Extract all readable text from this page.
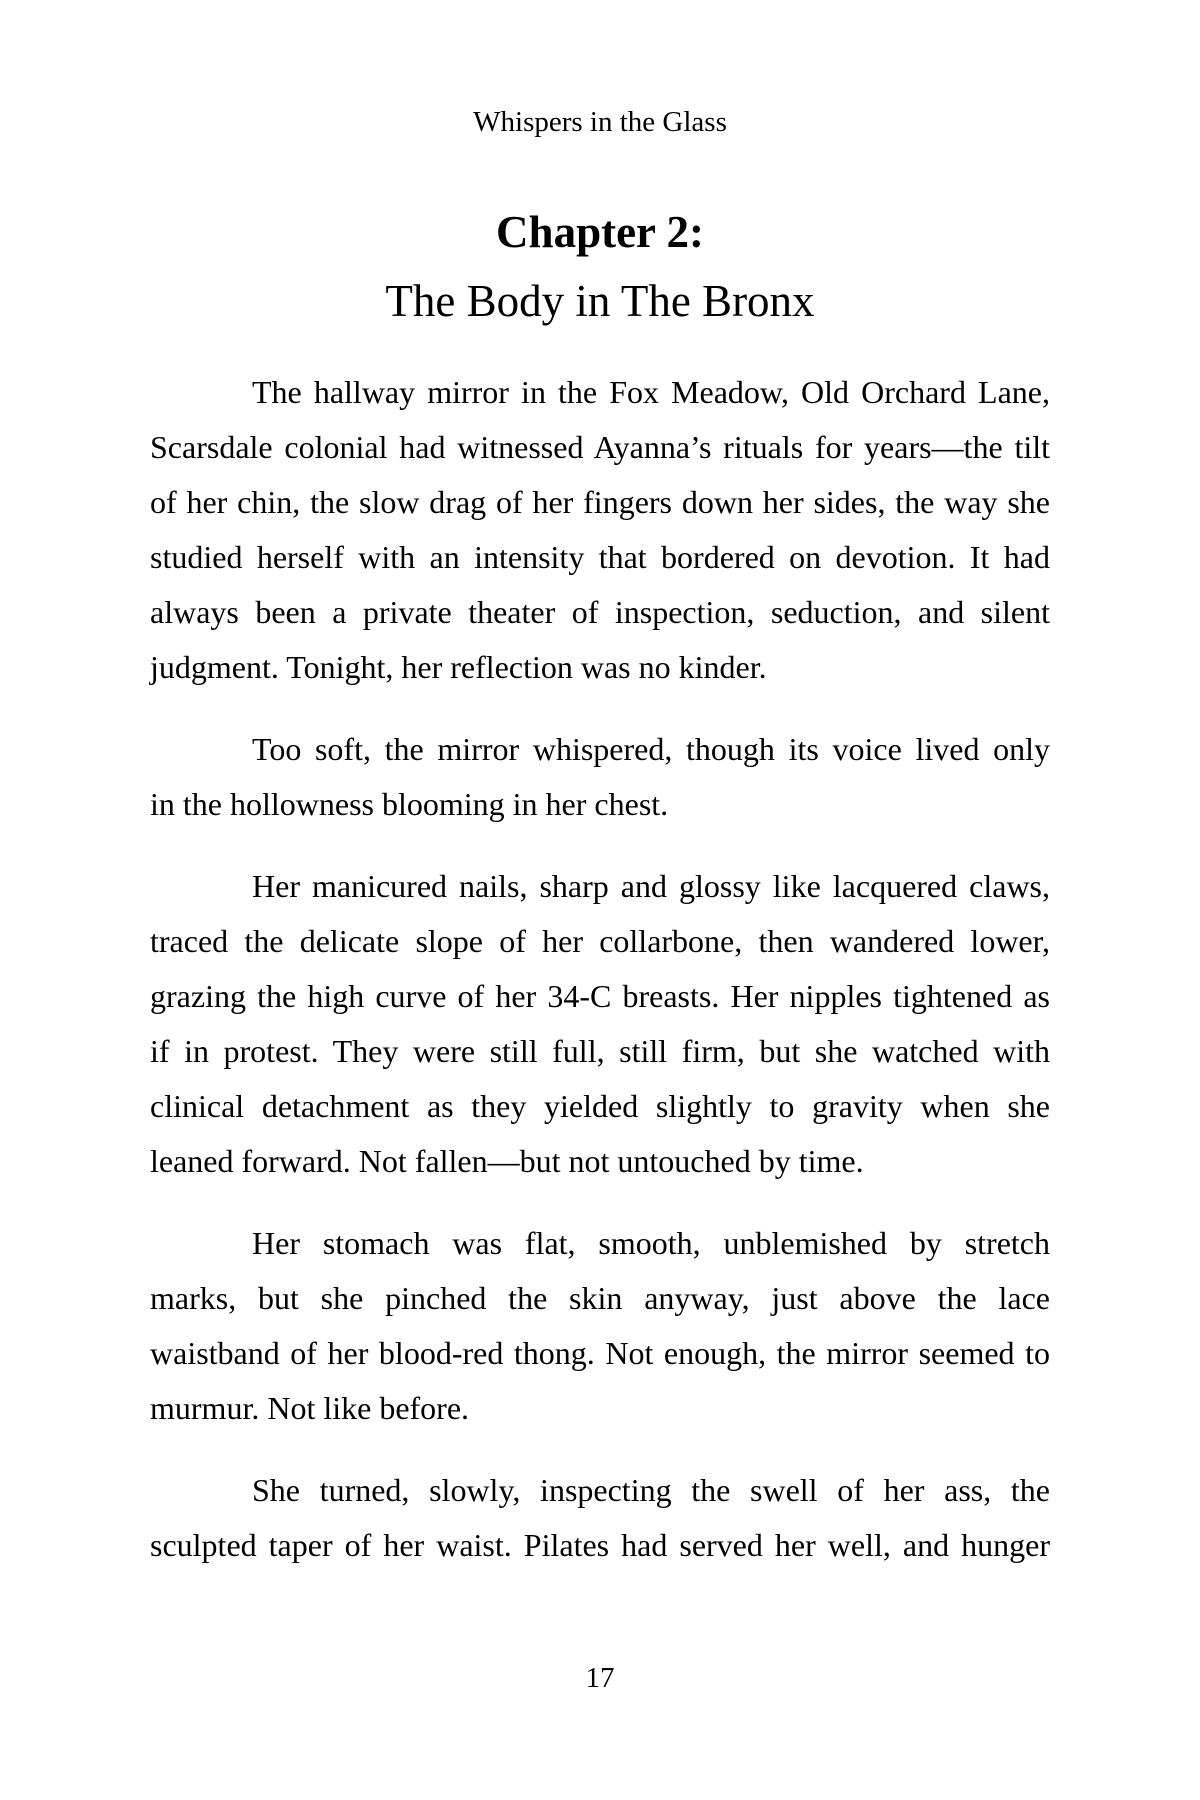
Whispers in the Glass
Chapter 2:
The Body in The Bronx
The hallway mirror in the Fox Meadow, Old Orchard Lane,
Scarsdale colonial had witnessed Ayanna’s rituals for years—the tilt
of her chin, the slow drag of her fingers down her sides, the way she
studied herself with an intensity that bordered on devotion. It had
always been a private theater of inspection, seduction, and silent
judgment. Tonight, her reflection was no kinder.
Too soft, the mirror whispered, though its voice lived only
in the hollowness blooming in her chest.
Her manicured nails, sharp and glossy like lacquered claws,
traced the delicate slope of her collarbone, then wandered lower,
grazing the high curve of her 34-C breasts. Her nipples tightened as
if in protest. They were still full, still firm, but she watched with
clinical detachment as they yielded slightly to gravity when she
leaned forward. Not fallen—but not untouched by time.
Her stomach was flat, smooth, unblemished by stretch
marks, but she pinched the skin anyway, just above the lace
waistband of her blood-red thong. Not enough, the mirror seemed to
murmur. Not like before.
She turned, slowly, inspecting the swell of her ass, the
sculpted taper of her waist. Pilates had served her well, and hunger
17
